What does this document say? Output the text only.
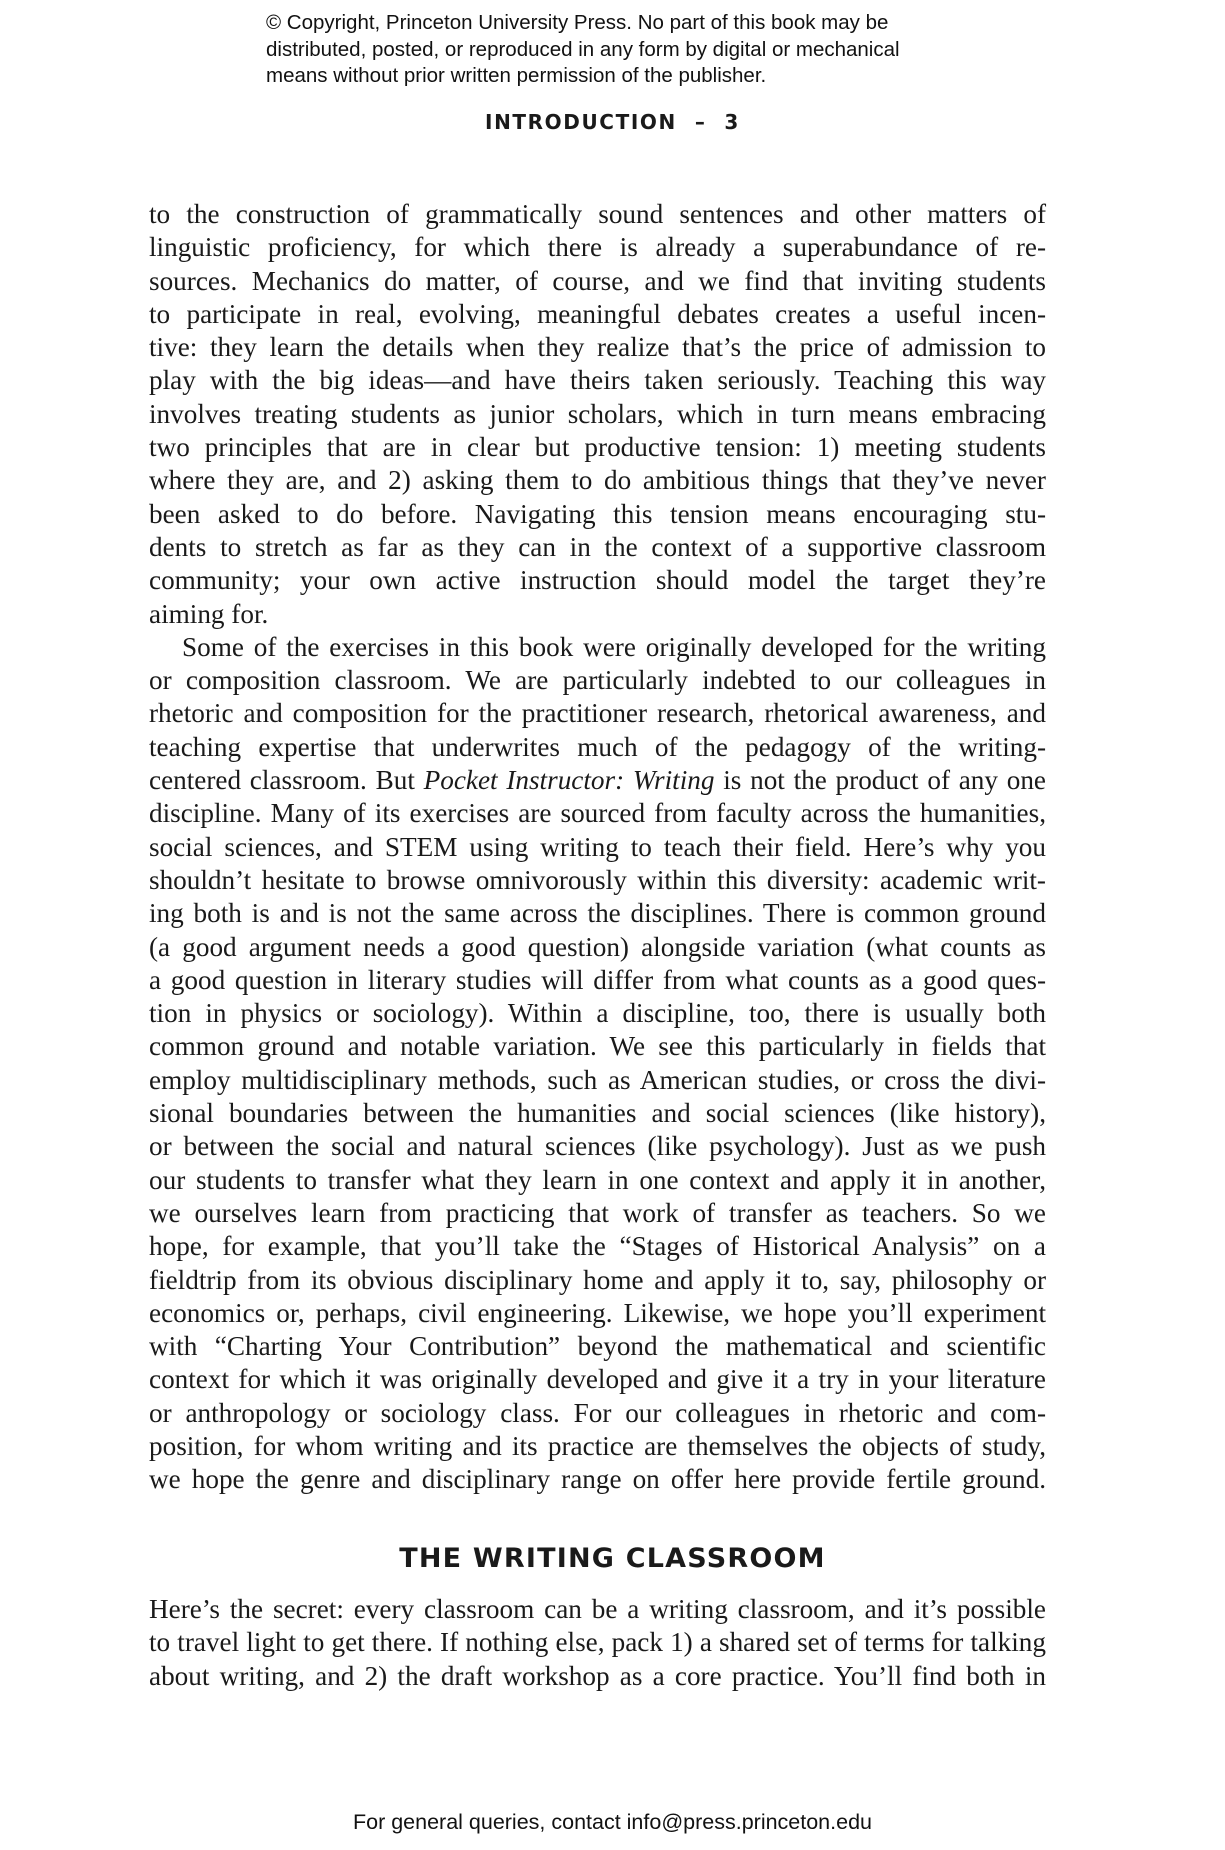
© Copyright, Princeton University Press. No part of this book may be
distributed, posted, or reproduced in any form by digital or mechanical
means without prior written permission of the publisher.
INTRODUCTION – 3
to the construction of grammatically sound sentences and other matters of
linguistic proficiency, for which there is already a superabundance of re-
sources. Mechanics do matter, of course, and we find that inviting students
to participate in real, evolving, meaningful debates creates a useful incen-
tive: they learn the details when they realize that’s the price of admission to
play with the big ideas—and have theirs taken seriously. Teaching this way
involves treating students as junior scholars, which in turn means embracing
two principles that are in clear but productive tension: 1) meeting students
where they are, and 2) asking them to do ambitious things that they’ve never
been asked to do before. Navigating this tension means encouraging stu-
dents to stretch as far as they can in the context of a supportive classroom
community; your own active instruction should model the target they’re
aiming for.
Some of the exercises in this book were originally developed for the writing
or composition classroom. We are particularly indebted to our colleagues in
rhetoric and composition for the practitioner research, rhetorical awareness, and
teaching expertise that underwrites much of the pedagogy of the writing-
centered classroom. But Pocket Instructor: Writing is not the product of any one
discipline. Many of its exercises are sourced from faculty across the humanities,
social sciences, and STEM using writing to teach their field. Here’s why you
shouldn’t hesitate to browse omnivorously within this diversity: academic writ-
ing both is and is not the same across the disciplines. There is common ground
(a good argument needs a good question) alongside variation (what counts as
a good question in literary studies will differ from what counts as a good ques-
tion in physics or sociology). Within a discipline, too, there is usually both
common ground and notable variation. We see this particularly in fields that
employ multidisciplinary methods, such as American studies, or cross the divi-
sional boundaries between the humanities and social sciences (like history),
or between the social and natural sciences (like psychology). Just as we push
our students to transfer what they learn in one context and apply it in another,
we ourselves learn from practicing that work of transfer as teachers. So we
hope, for example, that you’ll take the “Stages of Historical Analysis” on a
fieldtrip from its obvious disciplinary home and apply it to, say, philosophy or
economics or, perhaps, civil engineering. Likewise, we hope you’ll experiment
with “Charting Your Contribution” beyond the mathematical and scientific
context for which it was originally developed and give it a try in your literature
or anthropology or sociology class. For our colleagues in rhetoric and com-
position, for whom writing and its practice are themselves the objects of study,
we hope the genre and disciplinary range on offer here provide fertile ground.
THE WRITING CLASSROOM
Here’s the secret: every classroom can be a writing classroom, and it’s possible
to travel light to get there. If nothing else, pack 1) a shared set of terms for talking
about writing, and 2) the draft workshop as a core practice. You’ll find both in
For general queries, contact info@press.princeton.edu
